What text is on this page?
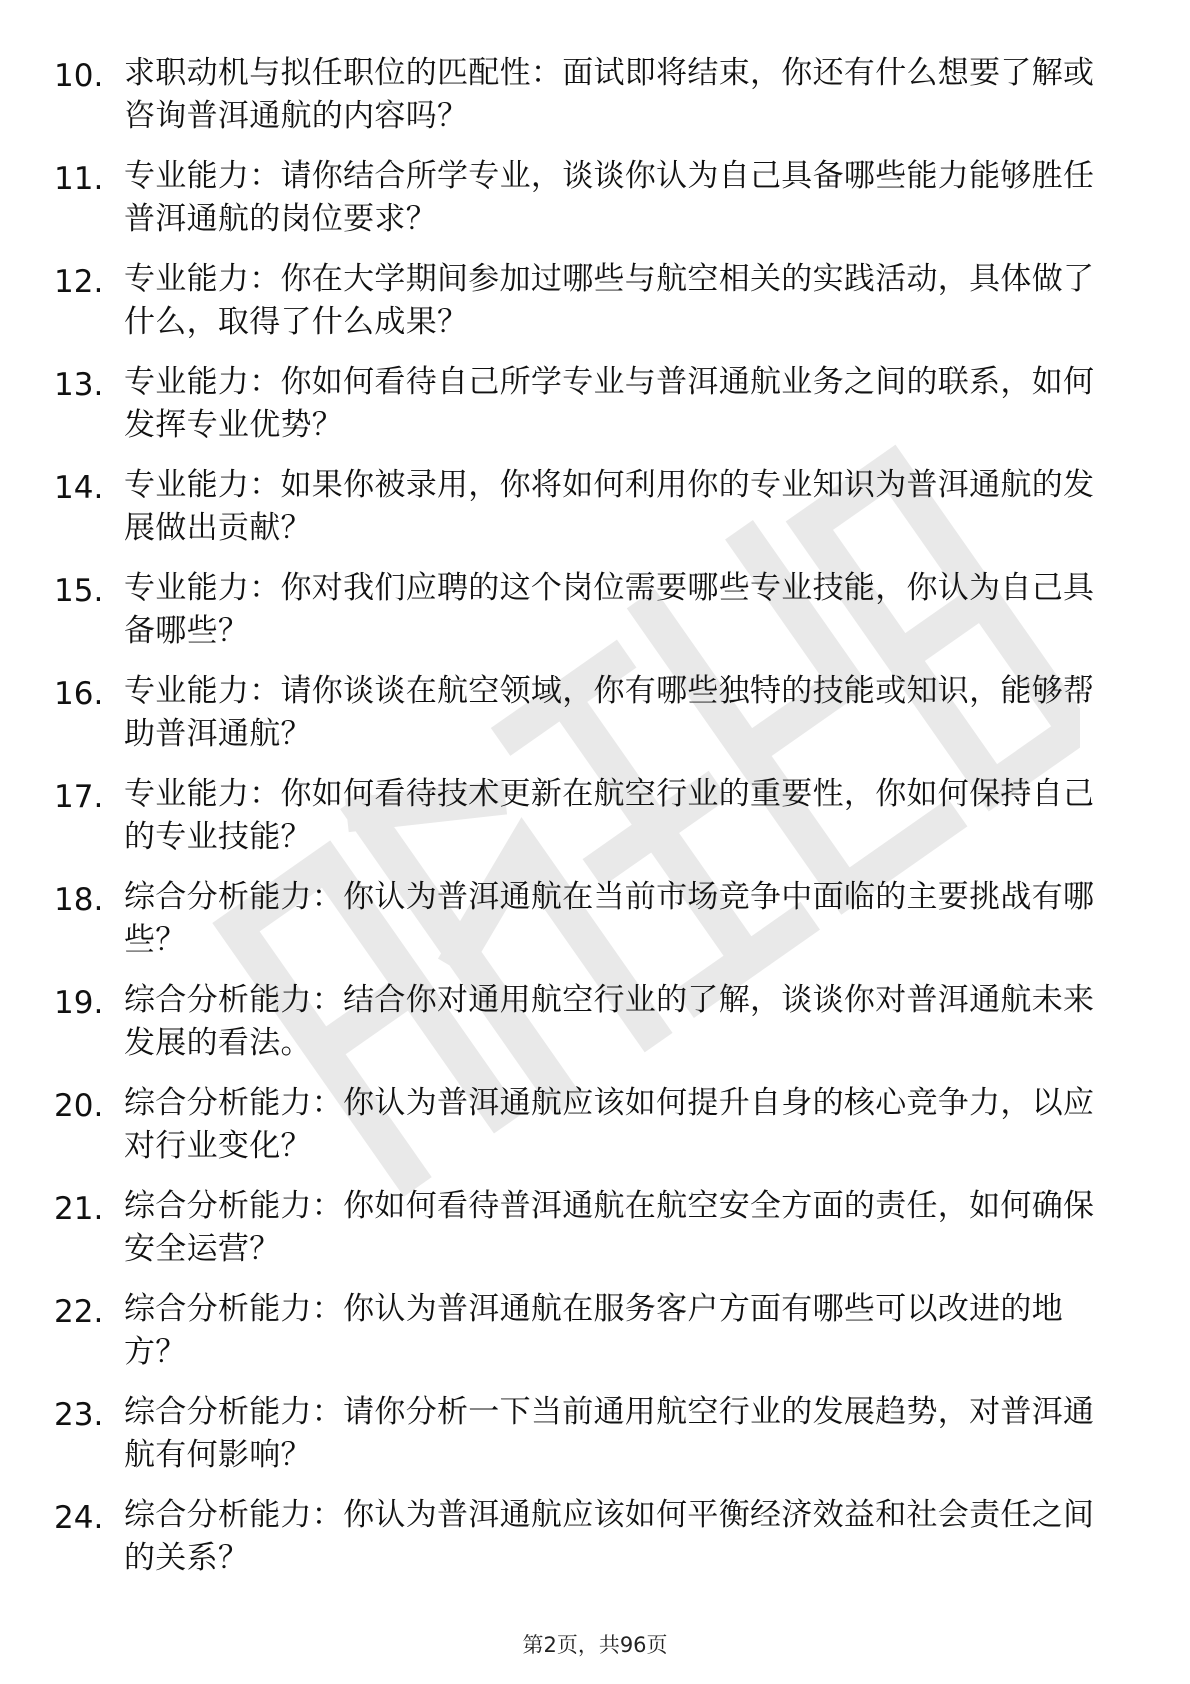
10. 求职动机与拟任职位的匹配性：面试即将结束，你还有什么想要了解或咨询普洱通航的内容吗？
11. 专业能力：请你结合所学专业，谈谈你认为自己具备哪些能力能够胜任普洱通航的岗位要求？
12. 专业能力：你在大学期间参加过哪些与航空相关的实践活动，具体做了什么，取得了什么成果？
13. 专业能力：你如何看待自己所学专业与普洱通航业务之间的联系，如何发挥专业优势？
14. 专业能力：如果你被录用，你将如何利用你的专业知识为普洱通航的发展做出贡献？
15. 专业能力：你对我们应聘的这个岗位需要哪些专业技能，你认为自己具备哪些？
16. 专业能力：请你谈谈在航空领域，你有哪些独特的技能或知识，能够帮助普洱通航？
17. 专业能力：你如何看待技术更新在航空行业的重要性，你如何保持自己的专业技能？
18. 综合分析能力：你认为普洱通航在当前市场竞争中面临的主要挑战有哪些？
19. 综合分析能力：结合你对通用航空行业的了解，谈谈你对普洱通航未来发展的看法。
20. 综合分析能力：你认为普洱通航应该如何提升自身的核心竞争力，以应对行业变化？
21. 综合分析能力：你如何看待普洱通航在航空安全方面的责任，如何确保安全运营？
22. 综合分析能力：你认为普洱通航在服务客户方面有哪些可以改进的地方？
23. 综合分析能力：请你分析一下当前通用航空行业的发展趋势，对普洱通航有何影响？
24. 综合分析能力：你认为普洱通航应该如何平衡经济效益和社会责任之间的关系？
第2页，共96页
